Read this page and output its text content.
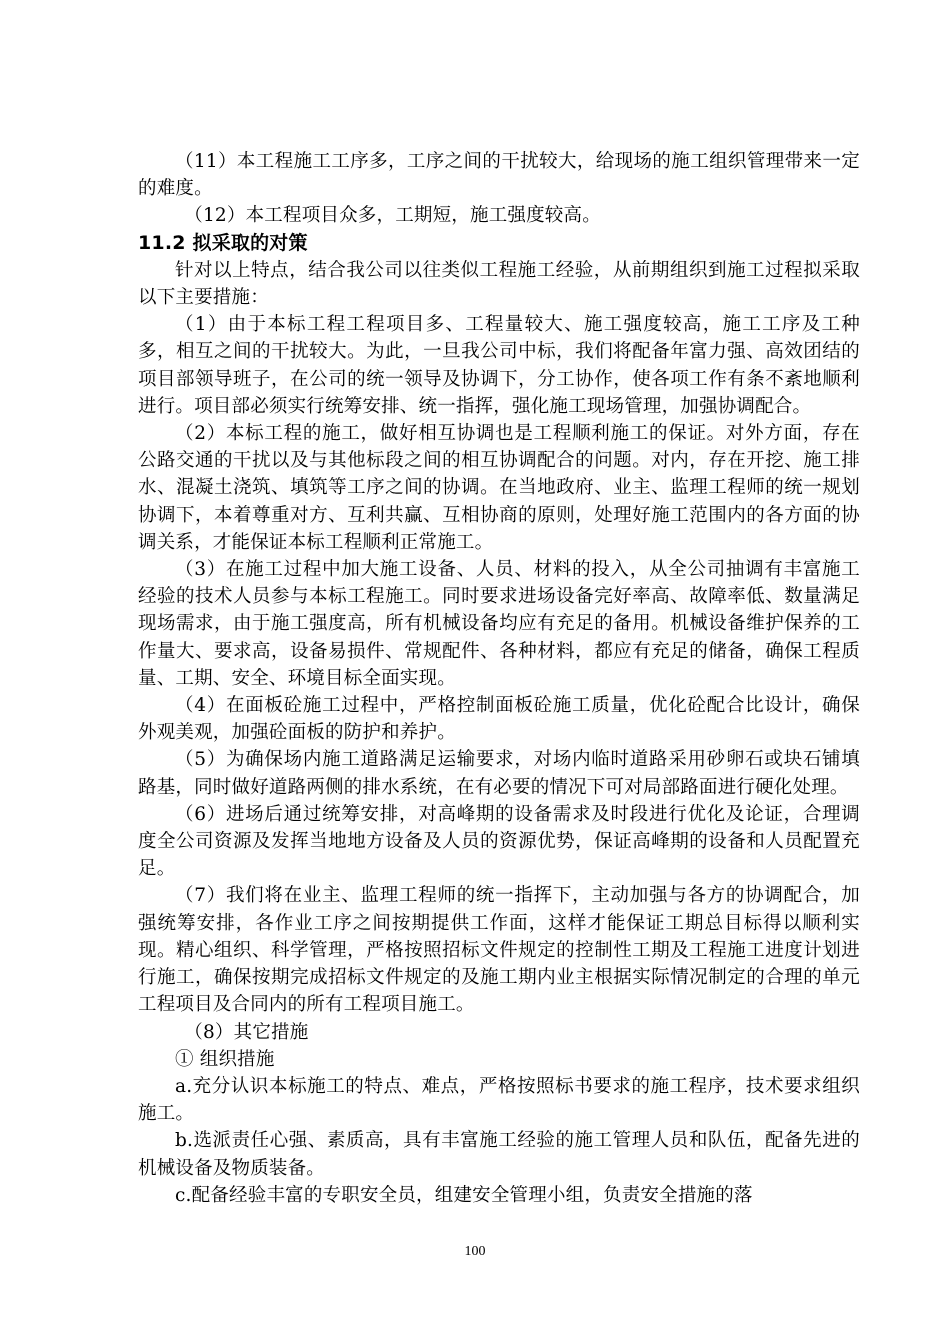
（11）本工程施工工序多，工序之间的干扰较大，给现场的施工组织管理带来一定的难度。

（12）本工程项目众多，工期短，施工强度较高。

11.2 拟采取的对策

针对以上特点，结合我公司以往类似工程施工经验，从前期组织到施工过程拟采取以下主要措施：

（1）由于本标工程工程项目多、工程量较大、施工强度较高，施工工序及工种多，相互之间的干扰较大。为此，一旦我公司中标，我们将配备年富力强、高效团结的项目部领导班子，在公司的统一领导及协调下，分工协作，使各项工作有条不紊地顺利进行。项目部必须实行统筹安排、统一指挥，强化施工现场管理，加强协调配合。

（2）本标工程的施工，做好相互协调也是工程顺利施工的保证。对外方面，存在公路交通的干扰以及与其他标段之间的相互协调配合的问题。对内，存在开挖、施工排水、混凝土浇筑、填筑等工序之间的协调。在当地政府、业主、监理工程师的统一规划协调下，本着尊重对方、互利共赢、互相协商的原则，处理好施工范围内的各方面的协调关系，才能保证本标工程顺利正常施工。

（3）在施工过程中加大施工设备、人员、材料的投入，从全公司抽调有丰富施工经验的技术人员参与本标工程施工。同时要求进场设备完好率高、故障率低、数量满足现场需求，由于施工强度高，所有机械设备均应有充足的备用。机械设备维护保养的工作量大、要求高，设备易损件、常规配件、各种材料，都应有充足的储备，确保工程质量、工期、安全、环境目标全面实现。

（4）在面板砼施工过程中，严格控制面板砼施工质量，优化砼配合比设计，确保外观美观，加强砼面板的防护和养护。

（5）为确保场内施工道路满足运输要求，对场内临时道路采用砂卵石或块石铺填路基，同时做好道路两侧的排水系统，在有必要的情况下可对局部路面进行硬化处理。

（6）进场后通过统筹安排，对高峰期的设备需求及时段进行优化及论证，合理调度全公司资源及发挥当地地方设备及人员的资源优势，保证高峰期的设备和人员配置充足。

（7）我们将在业主、监理工程师的统一指挥下，主动加强与各方的协调配合，加强统筹安排，各作业工序之间按期提供工作面，这样才能保证工期总目标得以顺利实现。精心组织、科学管理，严格按照招标文件规定的控制性工期及工程施工进度计划进行施工，确保按期完成招标文件规定的及施工期内业主根据实际情况制定的合理的单元工程项目及合同内的所有工程项目施工。

（8）其它措施

① 组织措施

a.充分认识本标施工的特点、难点，严格按照标书要求的施工程序，技术要求组织施工。

b.选派责任心强、素质高，具有丰富施工经验的施工管理人员和队伍，配备先进的机械设备及物质装备。

c.配备经验丰富的专职安全员，组建安全管理小组，负责安全措施的落

100
